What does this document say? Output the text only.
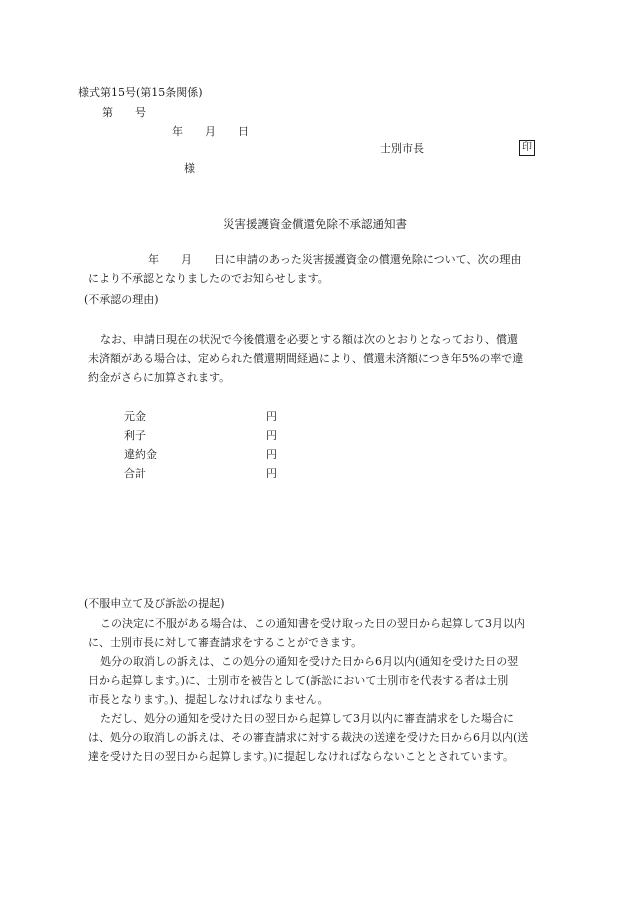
様式第15号(第15条関係)
第　　号
年　　月　　日
士別市長	印
様
災害援護資金償還免除不承認通知書
年　　月　　日に申請のあった災害援護資金の償還免除について、次の理由
により不承認となりましたのでお知らせします。
(不承認の理由)
なお、申請日現在の状況で今後償還を必要とする額は次のとおりとなっており、償還
未済額がある場合は、定められた償還期間経過により、償還未済額につき年5%の率で違
約金がさらに加算されます。
元金	円
利子	円
違約金	円
合計	円
(不服申立て及び訴訟の提起)
この決定に不服がある場合は、この通知書を受け取った日の翌日から起算して3月以内
に、士別市長に対して審査請求をすることができます。
処分の取消しの訴えは、この処分の通知を受けた日から6月以内(通知を受けた日の翌
日から起算します。)に、士別市を被告として(訴訟において士別市を代表する者は士別
市長となります。)、提起しなければなりません。
ただし、処分の通知を受けた日の翌日から起算して3月以内に審査請求をした場合に
は、処分の取消しの訴えは、その審査請求に対する裁決の送達を受けた日から6月以内(送
達を受けた日の翌日から起算します。)に提起しなければならないこととされています。
